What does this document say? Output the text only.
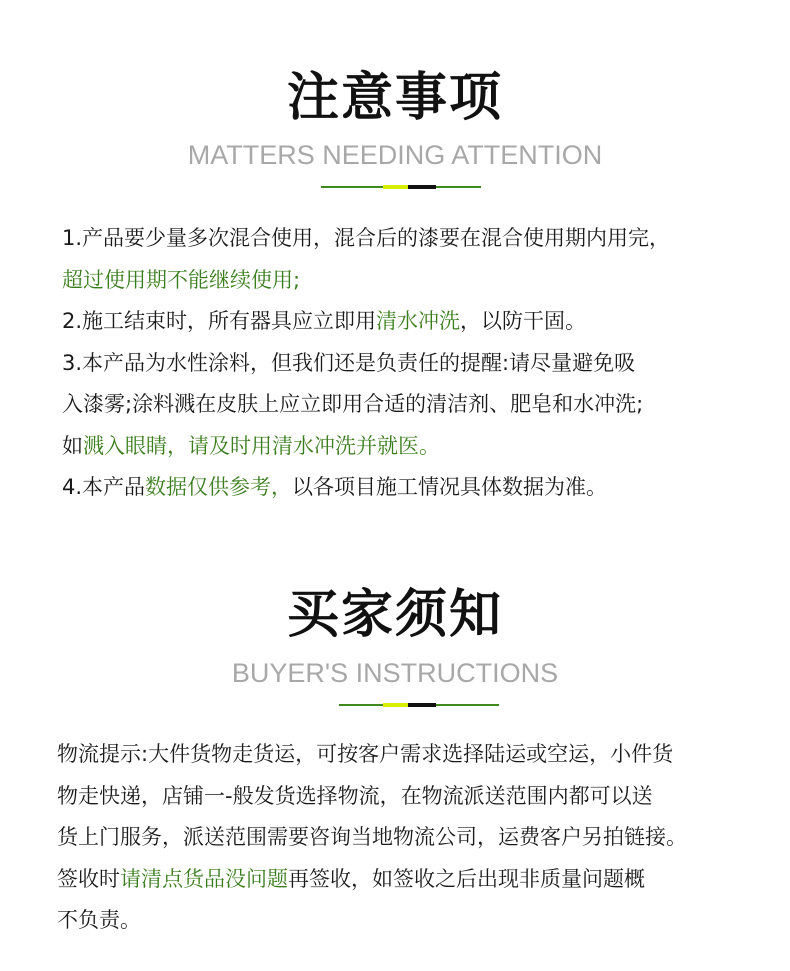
注意事项
MATTERS NEEDING ATTENTION
1.产品要少量多次混合使用，混合后的漆要在混合使用期内用完，
超过使用期不能继续使用;
2.施工结束时，所有器具应立即用清水冲洗，以防干固。
3.本产品为水性涂料，但我们还是负责任的提醒:请尽量避免吸
入漆雾;涂料溅在皮肤上应立即用合适的清洁剂、肥皂和水冲洗;
如溅入眼睛，请及时用清水冲洗并就医。
4.本产品数据仅供参考，以各项目施工情况具体数据为准。
买家须知
BUYER'S INSTRUCTIONS
物流提示:大件货物走货运，可按客户需求选择陆运或空运，小件货
物走快递，店铺一-般发货选择物流，在物流派送范围内都可以送
货上门服务，派送范围需要咨询当地物流公司，运费客户另拍链接。
签收时请清点货品没问题再签收，如签收之后出现非质量问题概
不负责。
